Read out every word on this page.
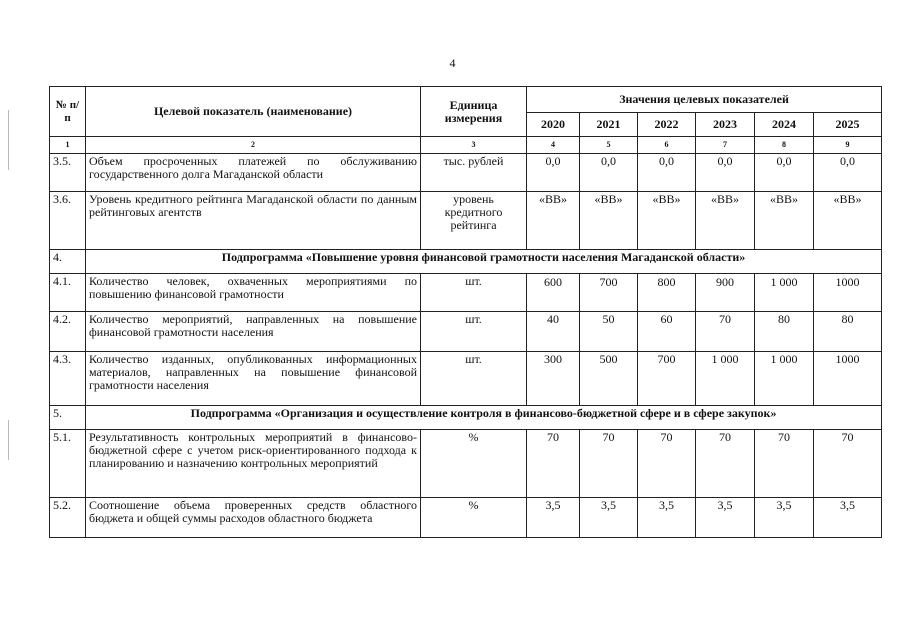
4
№ п/п	Целевой показатель (наименование)	Единица измерения	Значения целевых показателей					
			2020	2021	2022	2023	2024	2025
1	2	3	4	5	6	7	8	9
3.5.	Объем просроченных платежей по обслуживанию государственного долга Магаданской области	тыс. рублей	0,0	0,0	0,0	0,0	0,0	0,0
3.6.	Уровень кредитного рейтинга Магаданской области по данным рейтинговых агентств	уровень кредитного рейтинга	«ВВ»	«ВВ»	«ВВ»	«ВВ»	«ВВ»	«ВВ»
4.	Подпрограмма «Повышение уровня финансовой грамотности населения Магаданской области»							
4.1.	Количество человек, охваченных мероприятиями по повышению финансовой грамотности	шт.	600	700	800	900	1 000	1000
4.2.	Количество мероприятий, направленных на повышение финансовой грамотности населения	шт.	40	50	60	70	80	80
4.3.	Количество изданных, опубликованных информационных материалов, направленных на повышение финансовой грамотности населения	шт.	300	500	700	1 000	1 000	1000
5.	Подпрограмма «Организация и осуществление контроля в финансово-бюджетной сфере и в сфере закупок»							
5.1.	Результативность контрольных мероприятий в финансово-бюджетной сфере с учетом риск-ориентированного подхода к планированию и назначению контрольных мероприятий	%	70	70	70	70	70	70
5.2.	Соотношение объема проверенных средств областного бюджета и общей суммы расходов областного бюджета	%	3,5	3,5	3,5	3,5	3,5	3,5
